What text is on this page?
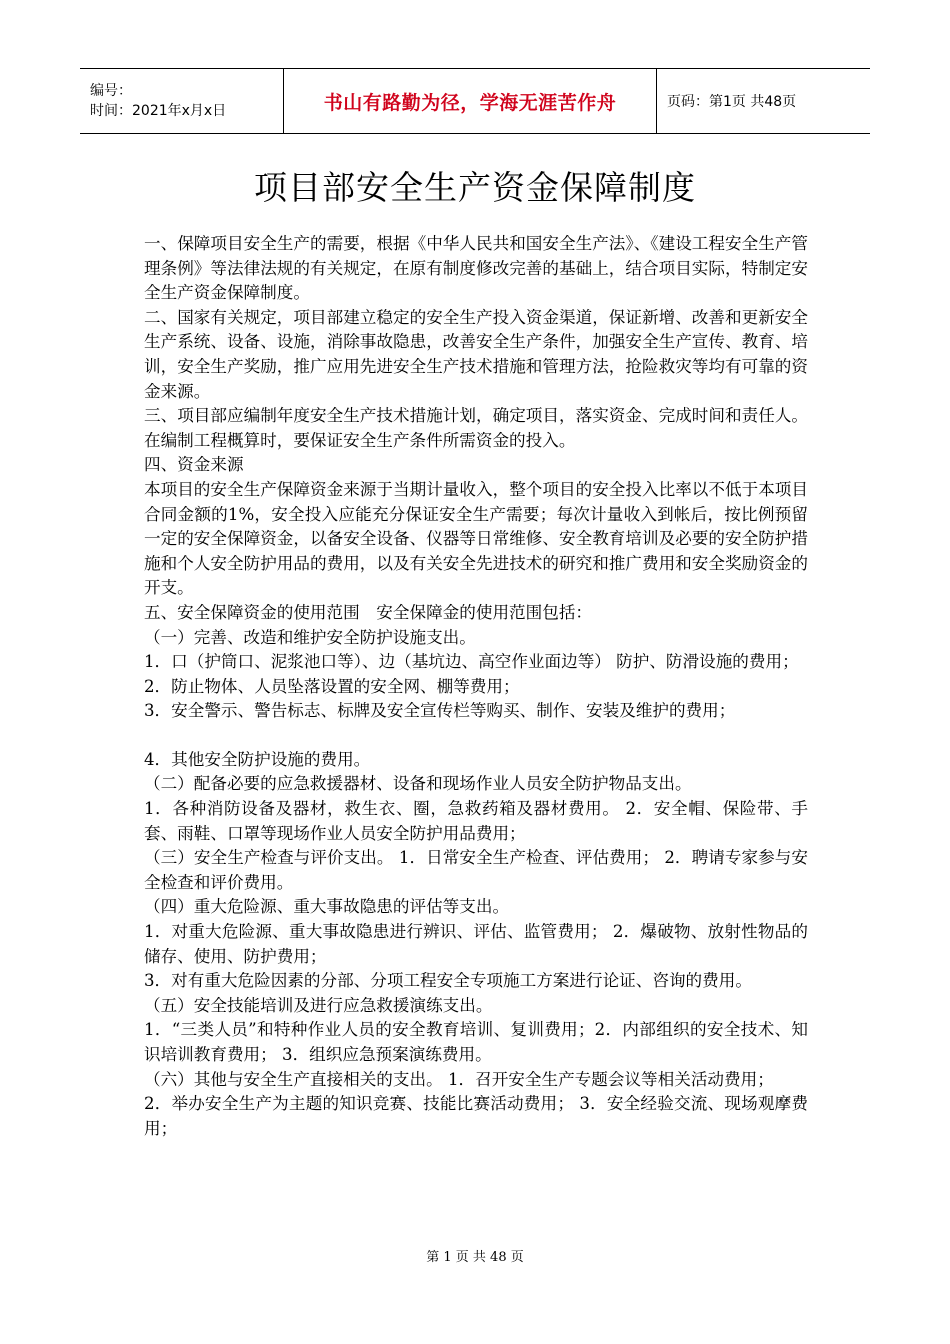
编号：
时间：2021年x月x日	书山有路勤为径，学海无涯苦作舟	页码：第1页 共48页
项目部安全生产资金保障制度

一、保障项目安全生产的需要，根据《中华人民共和国安全生产法》、《建设工程安全生产管理条例》等法律法规的有关规定，在原有制度修改完善的基础上，结合项目实际，特制定安全生产资金保障制度。

二、国家有关规定，项目部建立稳定的安全生产投入资金渠道，保证新增、改善和更新安全生产系统、设备、设施，消除事故隐患，改善安全生产条件，加强安全生产宣传、教育、培训，安全生产奖励，推广应用先进安全生产技术措施和管理方法，抢险救灾等均有可靠的资金来源。

三、项目部应编制年度安全生产技术措施计划，确定项目，落实资金、完成时间和责任人。在编制工程概算时，要保证安全生产条件所需资金的投入。

四、资金来源

本项目的安全生产保障资金来源于当期计量收入，整个项目的安全投入比率以不低于本项目合同金额的1%，安全投入应能充分保证安全生产需要；每次计量收入到帐后，按比例预留一定的安全保障资金，以备安全设备、仪器等日常维修、安全教育培训及必要的安全防护措施和个人安全防护用品的费用，以及有关安全先进技术的研究和推广费用和安全奖励资金的开支。

五、安全保障资金的使用范围　安全保障金的使用范围包括：

（一）完善、改造和维护安全防护设施支出。

1．口（护筒口、泥浆池口等）、边（基坑边、高空作业面边等） 防护、防滑设施的费用；

2．防止物体、人员坠落设置的安全网、棚等费用；

3．安全警示、警告标志、标牌及安全宣传栏等购买、制作、安装及维护的费用；

4．其他安全防护设施的费用。

（二）配备必要的应急救援器材、设备和现场作业人员安全防护物品支出。

1．各种消防设备及器材，救生衣、圈，急救药箱及器材费用。 2．安全帽、保险带、手套、雨鞋、口罩等现场作业人员安全防护用品费用；

（三）安全生产检查与评价支出。 1．日常安全生产检查、评估费用； 2．聘请专家参与安全检查和评价费用。

（四）重大危险源、重大事故隐患的评估等支出。

1．对重大危险源、重大事故隐患进行辨识、评估、监管费用； 2．爆破物、放射性物品的储存、使用、防护费用；

3．对有重大危险因素的分部、分项工程安全专项施工方案进行论证、咨询的费用。

（五）安全技能培训及进行应急救援演练支出。

1．“三类人员”和特种作业人员的安全教育培训、复训费用；2．内部组织的安全技术、知识培训教育费用； 3．组织应急预案演练费用。

（六）其他与安全生产直接相关的支出。 1．召开安全生产专题会议等相关活动费用；

2．举办安全生产为主题的知识竞赛、技能比赛活动费用； 3．安全经验交流、现场观摩费用；

第 1 页 共 48 页
